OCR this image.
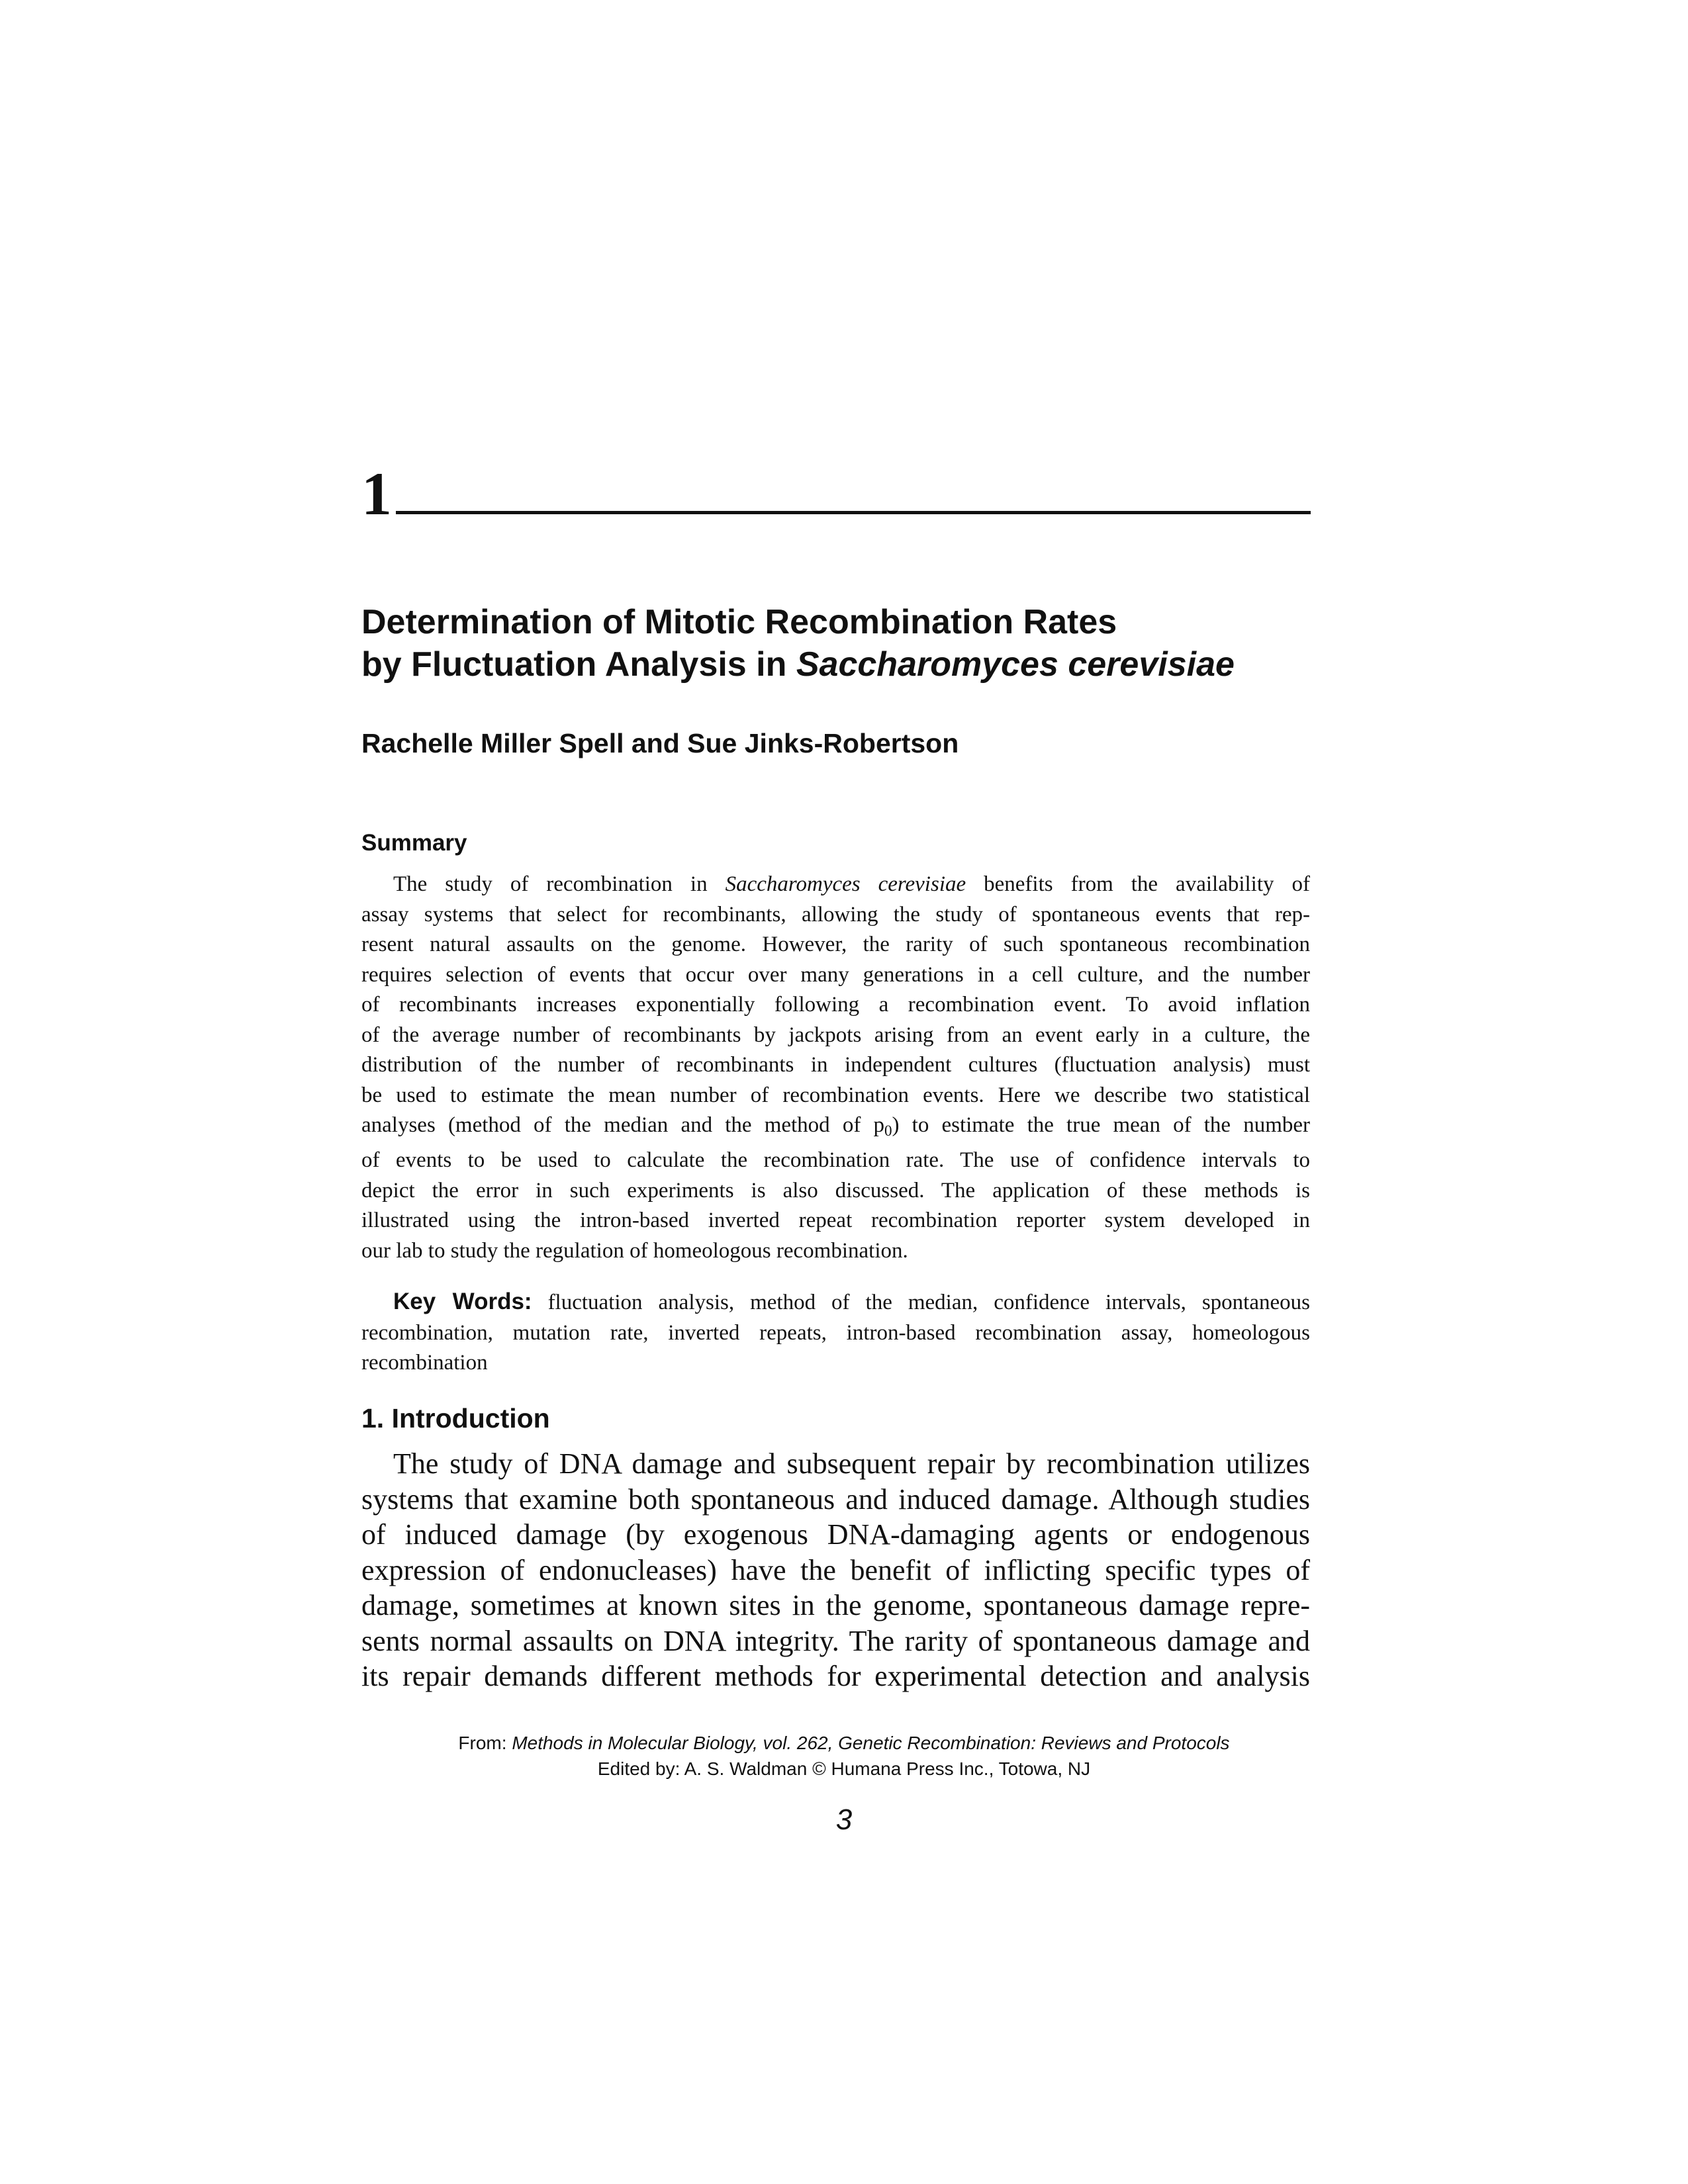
1
Determination of Mitotic Recombination Rates
by Fluctuation Analysis in Saccharomyces cerevisiae
Rachelle Miller Spell and Sue Jinks-Robertson
Summary
The study of recombination in Saccharomyces cerevisiae benefits from the availability of
assay systems that select for recombinants, allowing the study of spontaneous events that rep-
resent natural assaults on the genome. However, the rarity of such spontaneous recombination
requires selection of events that occur over many generations in a cell culture, and the number
of recombinants increases exponentially following a recombination event. To avoid inflation
of the average number of recombinants by jackpots arising from an event early in a culture, the
distribution of the number of recombinants in independent cultures (fluctuation analysis) must
be used to estimate the mean number of recombination events. Here we describe two statistical
analyses (method of the median and the method of $p_0$) to estimate the true mean of the number
of events to be used to calculate the recombination rate. The use of confidence intervals to
depict the error in such experiments is also discussed. The application of these methods is
illustrated using the intron-based inverted repeat recombination reporter system developed in
our lab to study the regulation of homeologous recombination.
Key Words: fluctuation analysis, method of the median, confidence intervals, spontaneous
recombination, mutation rate, inverted repeats, intron-based recombination assay, homeologous
recombination
1. Introduction
The study of DNA damage and subsequent repair by recombination utilizes
systems that examine both spontaneous and induced damage. Although studies
of induced damage (by exogenous DNA-damaging agents or endogenous
expression of endonucleases) have the benefit of inflicting specific types of
damage, sometimes at known sites in the genome, spontaneous damage repre-
sents normal assaults on DNA integrity. The rarity of spontaneous damage and
its repair demands different methods for experimental detection and analysis
From: Methods in Molecular Biology, vol. 262, Genetic Recombination: Reviews and Protocols
Edited by: A. S. Waldman © Humana Press Inc., Totowa, NJ
3
